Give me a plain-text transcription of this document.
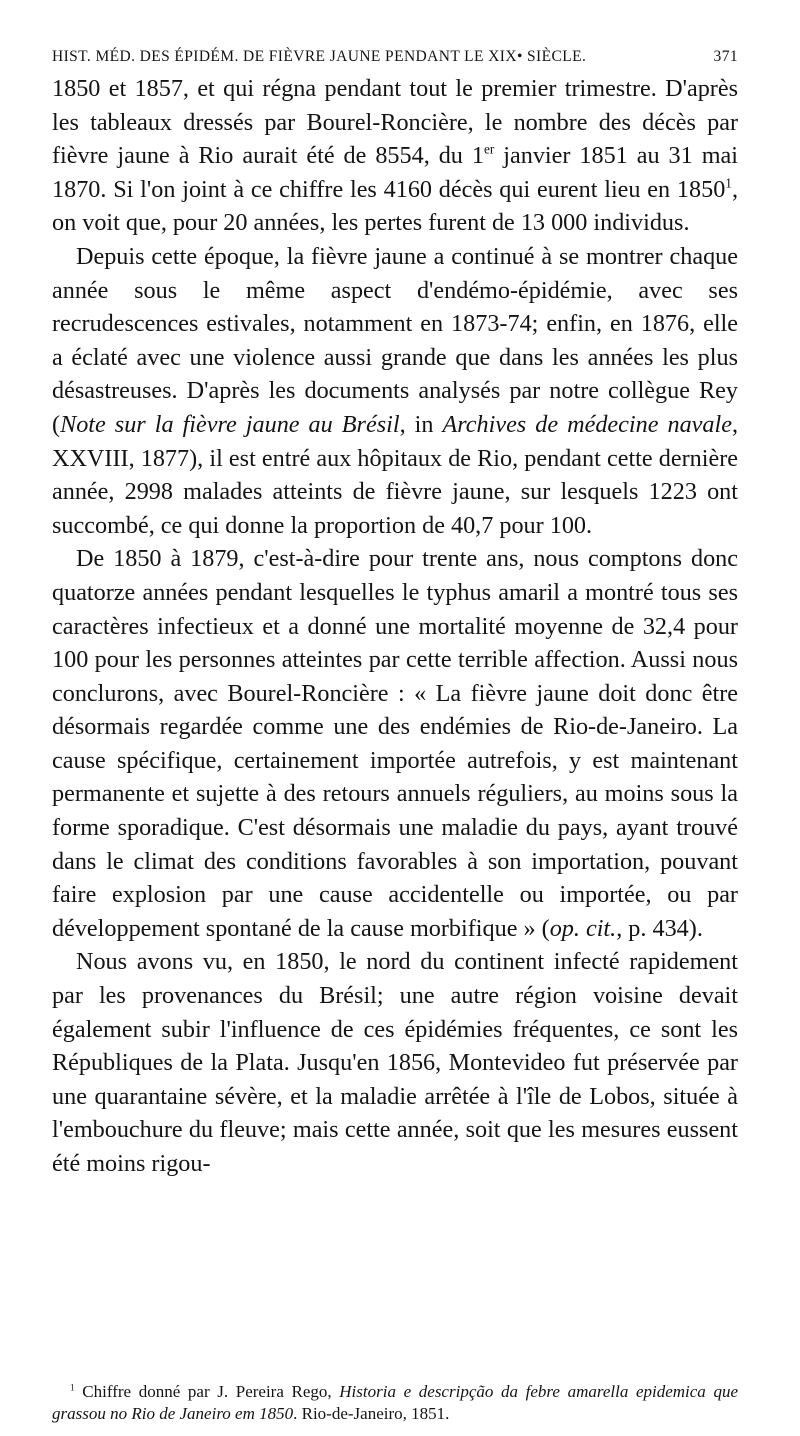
HIST. MÉD. DES ÉPIDÉM. DE FIÈVRE JAUNE PENDANT LE XIX• SIÈCLE.	371

1850 et 1857, et qui régna pendant tout le premier trimestre. D'après les tableaux dressés par Bourel-Roncière, le nombre des décès par fièvre jaune à Rio aurait été de 8554, du 1er janvier 1851 au 31 mai 1870. Si l'on joint à ce chiffre les 4160 décès qui eurent lieu en 1850$^1$, on voit que, pour 20 années, les pertes furent de 13 000 individus.

Depuis cette époque, la fièvre jaune a continué à se montrer chaque année sous le même aspect d'endémo-épidémie, avec ses recrudescences estivales, notamment en 1873-74; enfin, en 1876, elle a éclaté avec une violence aussi grande que dans les années les plus désastreuses. D'après les documents analysés par notre collègue Rey (Note sur la fièvre jaune au Brésil, in Archives de médecine navale, XXVIII, 1877), il est entré aux hôpitaux de Rio, pendant cette dernière année, 2998 malades atteints de fièvre jaune, sur lesquels 1223 ont succombé, ce qui donne la proportion de 40,7 pour 100.

De 1850 à 1879, c'est-à-dire pour trente ans, nous comptons donc quatorze années pendant lesquelles le typhus amaril a montré tous ses caractères infectieux et a donné une mortalité moyenne de 32,4 pour 100 pour les personnes atteintes par cette terrible affection. Aussi nous conclurons, avec Bourel-Roncière : « La fièvre jaune doit donc être désormais regardée comme une des endémies de Rio-de-Janeiro. La cause spécifique, certainement importée autrefois, y est maintenant permanente et sujette à des retours annuels réguliers, au moins sous la forme sporadique. C'est désormais une maladie du pays, ayant trouvé dans le climat des conditions favorables à son importation, pouvant faire explosion par une cause accidentelle ou importée, ou par développement spontané de la cause morbifique » (op. cit., p. 434).

Nous avons vu, en 1850, le nord du continent infecté rapidement par les provenances du Brésil; une autre région voisine devait également subir l'influence de ces épidémies fréquentes, ce sont les Républiques de la Plata. Jusqu'en 1856, Montevideo fut préservée par une quarantaine sévère, et la maladie arrêtée à l'île de Lobos, située à l'embouchure du fleuve; mais cette année, soit que les mesures eussent été moins rigou-

$^1$ Chiffre donné par J. Pereira Rego, Historia e descripção da febre amarella epidemica que grassou no Rio de Janeiro em 1850. Rio-de-Janeiro, 1851.
